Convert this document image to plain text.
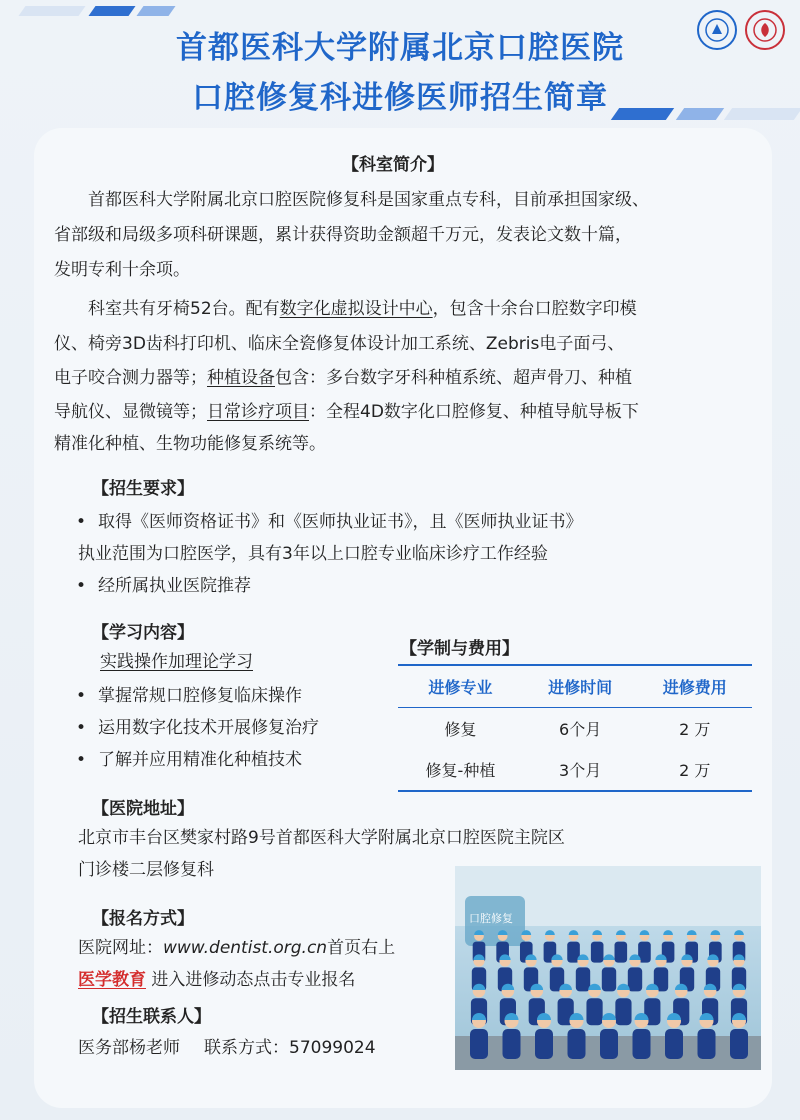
首都医科大学附属北京口腔医院
口腔修复科进修医师招生简章
【科室简介】
首都医科大学附属北京口腔医院修复科是国家重点专科，目前承担国家级、
省部级和局级多项科研课题，累计获得资助金额超千万元，发表论文数十篇，
发明专利十余项。
科室共有牙椅52台。配有数字化虚拟设计中心，包含十余台口腔数字印模
仪、椅旁3D齿科打印机、临床全瓷修复体设计加工系统、Zebris电子面弓、
电子咬合测力器等；种植设备包含：多台数字牙科种植系统、超声骨刀、种植
导航仪、显微镜等；日常诊疗项目：全程4D数字化口腔修复、种植导航导板下
精准化种植、生物功能修复系统等。
【招生要求】
• 取得《医师资格证书》和《医师执业证书》，且《医师执业证书》
执业范围为口腔医学，具有3年以上口腔专业临床诊疗工作经验
• 经所属执业医院推荐
【学习内容】
实践操作加理论学习
• 掌握常规口腔修复临床操作
• 运用数字化技术开展修复治疗
• 了解并应用精准化种植技术
【学制与费用】
进修专业	进修时间	进修费用
修复	6个月	2 万
修复-种植	3个月	2 万
【医院地址】
北京市丰台区樊家村路9号首都医科大学附属北京口腔医院主院区
门诊楼二层修复科
【报名方式】
医院网址：www.dentist.org.cn首页右上
医学教育 进入进修动态点击专业报名
【招生联系人】
医务部杨老师 联系方式：57099024
口腔修复
